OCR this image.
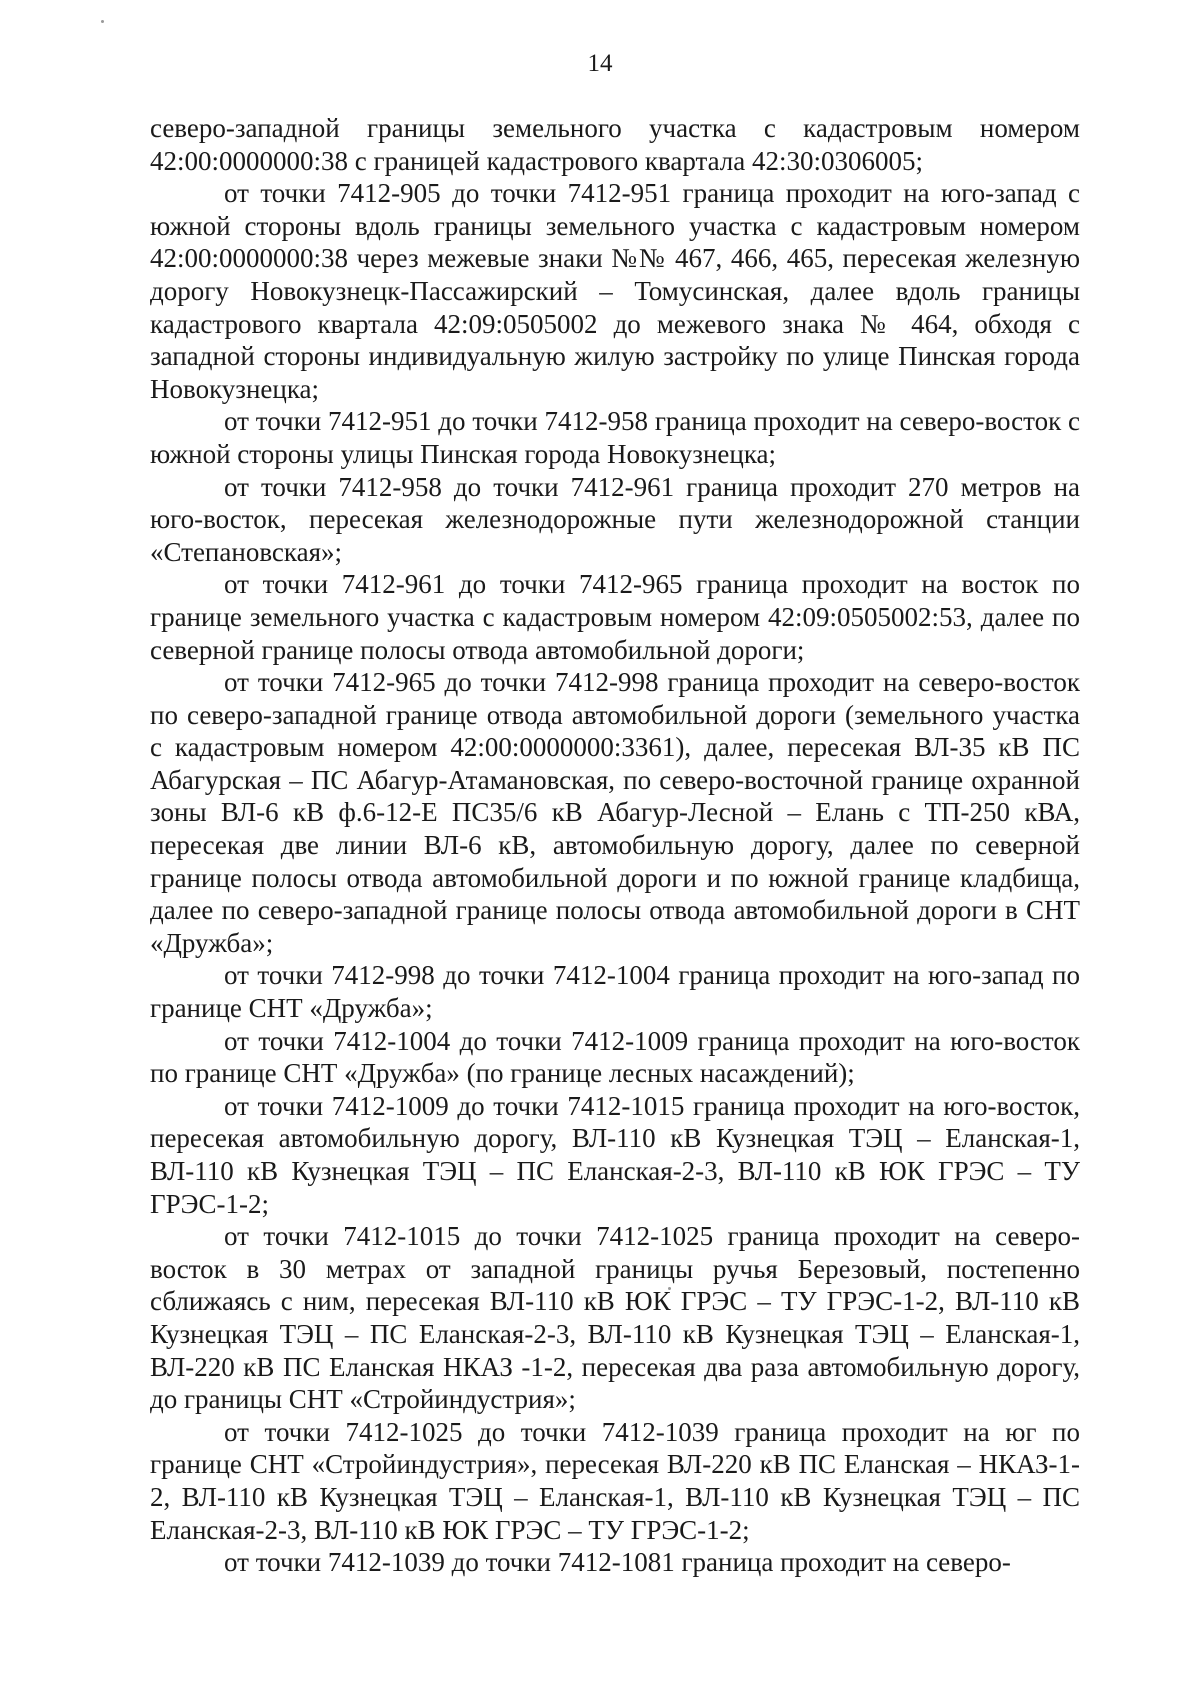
14

северо-западной границы земельного участка с кадастровым номером 42:00:0000000:38 с границей кадастрового квартала 42:30:0306005;

от точки 7412-905 до точки 7412-951 граница проходит на юго-запад с южной стороны вдоль границы земельного участка с кадастровым номером 42:00:0000000:38 через межевые знаки №№ 467, 466, 465, пересекая железную дорогу Новокузнецк-Пассажирский – Томусинская, далее вдоль границы кадастрового квартала 42:09:0505002 до межевого знака № 464, обходя с западной стороны индивидуальную жилую застройку по улице Пинская города Новокузнецка;

от точки 7412-951 до точки 7412-958 граница проходит на северо-восток с южной стороны улицы Пинская города Новокузнецка;

от точки 7412-958 до точки 7412-961 граница проходит 270 метров на юго-восток, пересекая железнодорожные пути железнодорожной станции «Степановская»;

от точки 7412-961 до точки 7412-965 граница проходит на восток по границе земельного участка с кадастровым номером 42:09:0505002:53, далее по северной границе полосы отвода автомобильной дороги;

от точки 7412-965 до точки 7412-998 граница проходит на северо-восток по северо-западной границе отвода автомобильной дороги (земельного участка с кадастровым номером 42:00:0000000:3361), далее, пересекая ВЛ-35 кВ ПС Абагурская – ПС Абагур-Атамановская, по северо-восточной границе охранной зоны ВЛ-6 кВ ф.6-12-Е ПС35/6 кВ Абагур-Лесной – Елань с ТП-250 кВА, пересекая две линии ВЛ-6 кВ, автомобильную дорогу, далее по северной границе полосы отвода автомобильной дороги и по южной границе кладбища, далее по северо-западной границе полосы отвода автомобильной дороги в СНТ «Дружба»;

от точки 7412-998 до точки 7412-1004 граница проходит на юго-запад по границе СНТ «Дружба»;

от точки 7412-1004 до точки 7412-1009 граница проходит на юго-восток по границе СНТ «Дружба» (по границе лесных насаждений);

от точки 7412-1009 до точки 7412-1015 граница проходит на юго-восток, пересекая автомобильную дорогу, ВЛ-110 кВ Кузнецкая ТЭЦ – Еланская-1, ВЛ-110 кВ Кузнецкая ТЭЦ – ПС Еланская-2-3, ВЛ-110 кВ ЮК ГРЭС – ТУ ГРЭС-1-2;

от точки 7412-1015 до точки 7412-1025 граница проходит на северо-восток в 30 метрах от западной границы ручья Березовый, постепенно сближаясь с ним, пересекая ВЛ-110 кВ ЮК ГРЭС – ТУ ГРЭС-1-2, ВЛ-110 кВ Кузнецкая ТЭЦ – ПС Еланская-2-3, ВЛ-110 кВ Кузнецкая ТЭЦ – Еланская-1, ВЛ-220 кВ ПС Еланская НКАЗ -1-2, пересекая два раза автомобильную дорогу, до границы СНТ «Стройиндустрия»;

от точки 7412-1025 до точки 7412-1039 граница проходит на юг по границе СНТ «Стройиндустрия», пересекая ВЛ-220 кВ ПС Еланская – НКАЗ-1-2, ВЛ-110 кВ Кузнецкая ТЭЦ – Еланская-1, ВЛ-110 кВ Кузнецкая ТЭЦ – ПС Еланская-2-3, ВЛ-110 кВ ЮК ГРЭС – ТУ ГРЭС-1-2;

от точки 7412-1039 до точки 7412-1081 граница проходит на северо-
